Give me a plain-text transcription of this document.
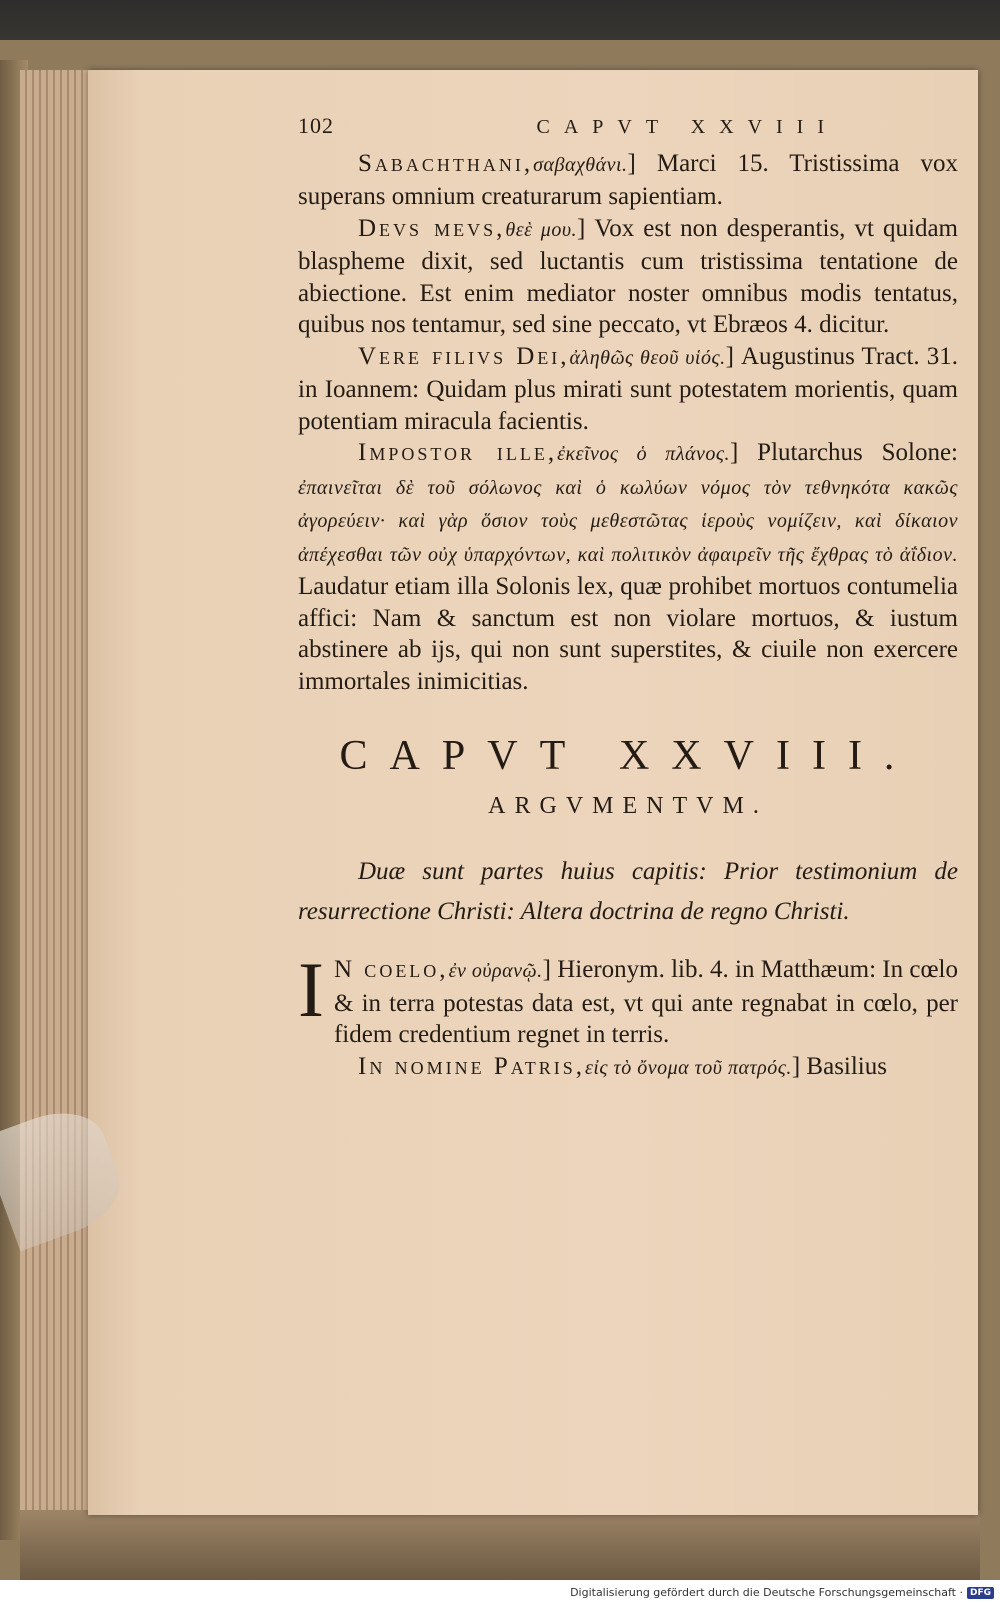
102	CAPVT XXVIII

Sabachthani,σαβαχθάνι.] Marci 15. Tristissima vox superans omnium creaturarum sapientiam.

Devs mevs,θεὲ μου.] Vox est non desperantis, vt quidam blaspheme dixit, sed luctantis cum tristissima tentatione de abiectione. Est enim mediator noster omnibus modis tentatus, quibus nos tentamur, sed sine peccato, vt Ebræos 4. dicitur.

Vere filivs Dei,ἀληθῶς θεοῦ υἱός.] Augustinus Tract. 31. in Ioannem: Quidam plus mirati sunt potestatem morientis, quam potentiam miracula facientis.

Impostor ille,ἐκεῖνος ὁ πλάνος.] Plutarchus Solone: ἐπαινεῖται δὲ τοῦ σόλωνος καὶ ὁ κωλύων νόμος τὸν τεθνηκότα κακῶς ἀγορεύειν· καὶ γὰρ ὅσιον τοὺς μεθεστῶτας ἱεροὺς νομίζειν, καὶ δίκαιον ἀπέχεσθαι τῶν οὐχ ὑπαρχόντων, καὶ πολιτικὸν ἀφαιρεῖν τῆς ἔχθρας τὸ ἀΐδιον. Laudatur etiam illa Solonis lex, quæ prohibet mortuos contumelia affici: Nam & sanctum est non violare mortuos, & iustum abstinere ab ijs, qui non sunt superstites, & ciuile non exercere immortales inimicitias.

CAPVT XXVIII.
ARGVMENTVM.

Duæ sunt partes huius capitis: Prior testimonium de resurrectione Christi: Altera doctrina de regno Christi.

I N coelo,ἐν οὐρανῷ.] Hieronym. lib. 4. in Matthæum: In cœlo & in terra potestas data est, vt qui ante regnabat in cœlo, per fidem credentium regnet in terris.

In nomine Patris,εἰς τὸ ὄνομα τοῦ πατρός.] Basilius

Digitalisierung gefördert durch die Deutsche Forschungsgemeinschaft · DFG
